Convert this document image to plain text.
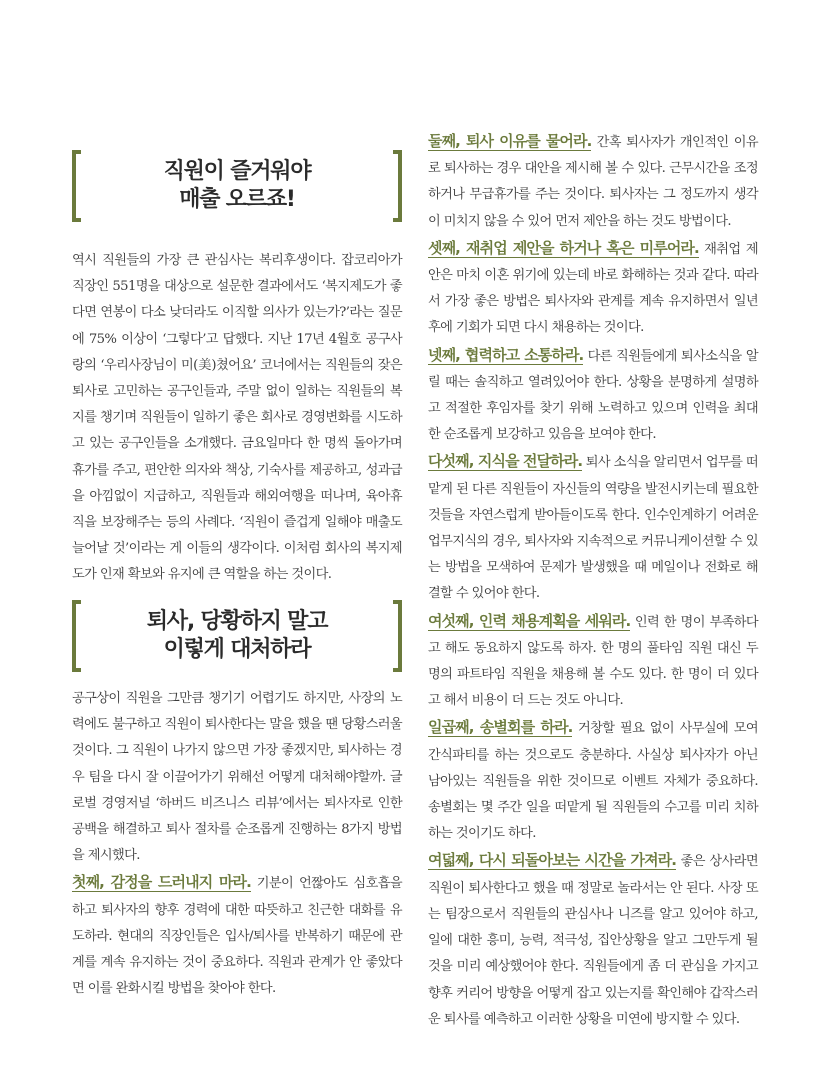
직원이 즐거워야
매출 오르죠!

역시 직원들의 가장 큰 관심사는 복리후생이다. 잡코리아가 직장인 551명을 대상으로 설문한 결과에서도 ‘복지제도가 좋다면 연봉이 다소 낮더라도 이직할 의사가 있는가?’라는 질문에 75% 이상이 ‘그렇다’고 답했다. 지난 17년 4월호 공구사랑의 ‘우리사장님이 미(美)쳤어요’ 코너에서는 직원들의 잦은 퇴사로 고민하는 공구인들과, 주말 없이 일하는 직원들의 복지를 챙기며 직원들이 일하기 좋은 회사로 경영변화를 시도하고 있는 공구인들을 소개했다. 금요일마다 한 명씩 돌아가며 휴가를 주고, 편안한 의자와 책상, 기숙사를 제공하고, 성과급을 아낌없이 지급하고, 직원들과 해외여행을 떠나며, 육아휴직을 보장해주는 등의 사례다. ‘직원이 즐겁게 일해야 매출도 늘어날 것’이라는 게 이들의 생각이다. 이처럼 회사의 복지제도가 인재 확보와 유지에 큰 역할을 하는 것이다.

퇴사, 당황하지 말고
이렇게 대처하라

공구상이 직원을 그만큼 챙기기 어렵기도 하지만, 사장의 노력에도 불구하고 직원이 퇴사한다는 말을 했을 땐 당황스러울 것이다. 그 직원이 나가지 않으면 가장 좋겠지만, 퇴사하는 경우 팀을 다시 잘 이끌어가기 위해선 어떻게 대처해야할까. 글로벌 경영저널 ‘하버드 비즈니스 리뷰’에서는 퇴사자로 인한 공백을 해결하고 퇴사 절차를 순조롭게 진행하는 8가지 방법을 제시했다.

첫째, 감정을 드러내지 마라. 기분이 언짢아도 심호흡을 하고 퇴사자의 향후 경력에 대한 따뜻하고 친근한 대화를 유도하라. 현대의 직장인들은 입사/퇴사를 반복하기 때문에 관계를 계속 유지하는 것이 중요하다. 직원과 관계가 안 좋았다면 이를 완화시킬 방법을 찾아야 한다.

둘째, 퇴사 이유를 물어라. 간혹 퇴사자가 개인적인 이유로 퇴사하는 경우 대안을 제시해 볼 수 있다. 근무시간을 조정하거나 무급휴가를 주는 것이다. 퇴사자는 그 정도까지 생각이 미치지 않을 수 있어 먼저 제안을 하는 것도 방법이다.

셋째, 재취업 제안을 하거나 혹은 미루어라. 재취업 제안은 마치 이혼 위기에 있는데 바로 화해하는 것과 같다. 따라서 가장 좋은 방법은 퇴사자와 관계를 계속 유지하면서 일년 후에 기회가 되면 다시 채용하는 것이다.

넷째, 협력하고 소통하라. 다른 직원들에게 퇴사소식을 알릴 때는 솔직하고 열려있어야 한다. 상황을 분명하게 설명하고 적절한 후임자를 찾기 위해 노력하고 있으며 인력을 최대한 순조롭게 보강하고 있음을 보여야 한다.

다섯째, 지식을 전달하라. 퇴사 소식을 알리면서 업무를 떠맡게 된 다른 직원들이 자신들의 역량을 발전시키는데 필요한 것들을 자연스럽게 받아들이도록 한다. 인수인계하기 어려운 업무지식의 경우, 퇴사자와 지속적으로 커뮤니케이션할 수 있는 방법을 모색하여 문제가 발생했을 때 메일이나 전화로 해결할 수 있어야 한다.

여섯째, 인력 채용계획을 세워라. 인력 한 명이 부족하다고 해도 동요하지 않도록 하자. 한 명의 풀타임 직원 대신 두 명의 파트타임 직원을 채용해 볼 수도 있다. 한 명이 더 있다고 해서 비용이 더 드는 것도 아니다.

일곱째, 송별회를 하라. 거창할 필요 없이 사무실에 모여 간식파티를 하는 것으로도 충분하다. 사실상 퇴사자가 아닌 남아있는 직원들을 위한 것이므로 이벤트 자체가 중요하다. 송별회는 몇 주간 일을 떠맡게 될 직원들의 수고를 미리 치하하는 것이기도 하다.

여덟째, 다시 되돌아보는 시간을 가져라. 좋은 상사라면 직원이 퇴사한다고 했을 때 정말로 놀라서는 안 된다. 사장 또는 팀장으로서 직원들의 관심사나 니즈를 알고 있어야 하고, 일에 대한 흥미, 능력, 적극성, 집안상황을 알고 그만두게 될 것을 미리 예상했어야 한다. 직원들에게 좀 더 관심을 가지고 향후 커리어 방향을 어떻게 잡고 있는지를 확인해야 갑작스러운 퇴사를 예측하고 이러한 상황을 미연에 방지할 수 있다.
